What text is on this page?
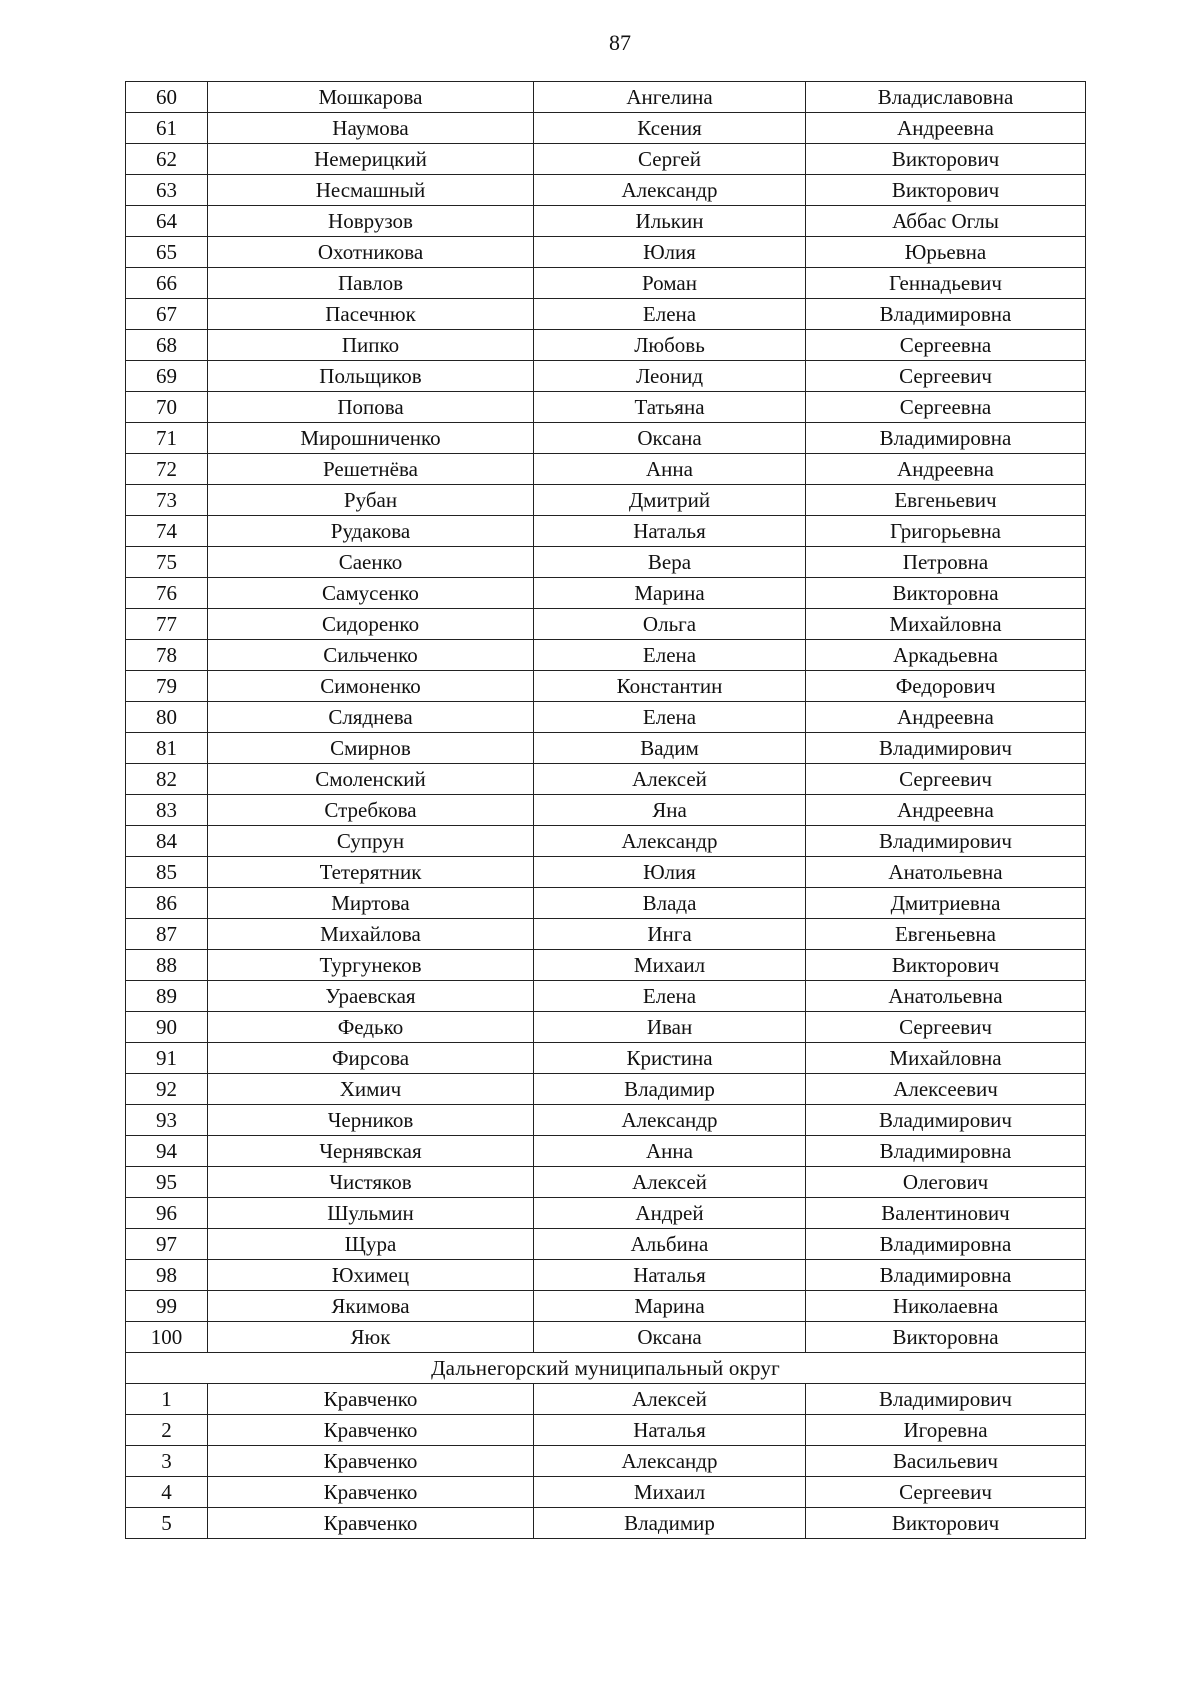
87
60	Мошкарова	Ангелина	Владиславовна
61	Наумова	Ксения	Андреевна
62	Немерицкий	Сергей	Викторович
63	Несмашный	Александр	Викторович
64	Новрузов	Илькин	Аббас Оглы
65	Охотникова	Юлия	Юрьевна
66	Павлов	Роман	Геннадьевич
67	Пасечнюк	Елена	Владимировна
68	Пипко	Любовь	Сергеевна
69	Польщиков	Леонид	Сергеевич
70	Попова	Татьяна	Сергеевна
71	Мирошниченко	Оксана	Владимировна
72	Решетнёва	Анна	Андреевна
73	Рубан	Дмитрий	Евгеньевич
74	Рудакова	Наталья	Григорьевна
75	Саенко	Вера	Петровна
76	Самусенко	Марина	Викторовна
77	Сидоренко	Ольга	Михайловна
78	Сильченко	Елена	Аркадьевна
79	Симоненко	Константин	Федорович
80	Сляднева	Елена	Андреевна
81	Смирнов	Вадим	Владимирович
82	Смоленский	Алексей	Сергеевич
83	Стребкова	Яна	Андреевна
84	Супрун	Александр	Владимирович
85	Тетерятник	Юлия	Анатольевна
86	Миртова	Влада	Дмитриевна
87	Михайлова	Инга	Евгеньевна
88	Тургунеков	Михаил	Викторович
89	Ураевская	Елена	Анатольевна
90	Федько	Иван	Сергеевич
91	Фирсова	Кристина	Михайловна
92	Химич	Владимир	Алексеевич
93	Черников	Александр	Владимирович
94	Чернявская	Анна	Владимировна
95	Чистяков	Алексей	Олегович
96	Шульмин	Андрей	Валентинович
97	Щура	Альбина	Владимировна
98	Юхимец	Наталья	Владимировна
99	Якимова	Марина	Николаевна
100	Яюк	Оксана	Викторовна
Дальнегорский муниципальный округ			
1	Кравченко	Алексей	Владимирович
2	Кравченко	Наталья	Игоревна
3	Кравченко	Александр	Васильевич
4	Кравченко	Михаил	Сергеевич
5	Кравченко	Владимир	Викторович
